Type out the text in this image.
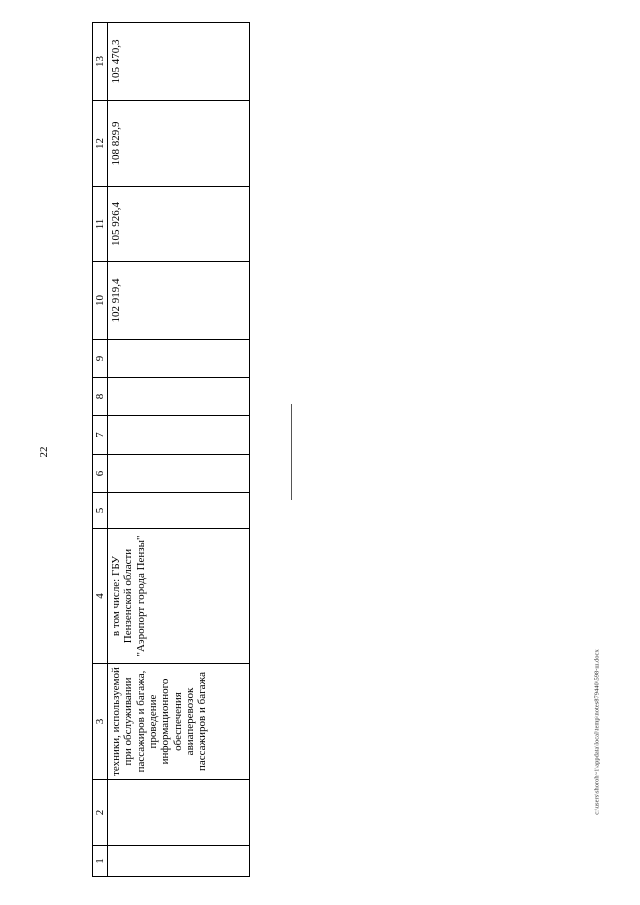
22
c:\users\shoroh~1\appdata\local\temp\notes879440\598-ш.docx
1	2	3	4	5	6	7	8	9	10	11	12	13
		техники, используемой при обслуживании пассажиров и багажа, проведение информационного обеспечения авиаперевозок пассажиров и багажа	в том числе: ГБУ Пензенской области "Аэропорт города Пензы"						102 919,4	105 926,4	108 829,9	105 470,3
